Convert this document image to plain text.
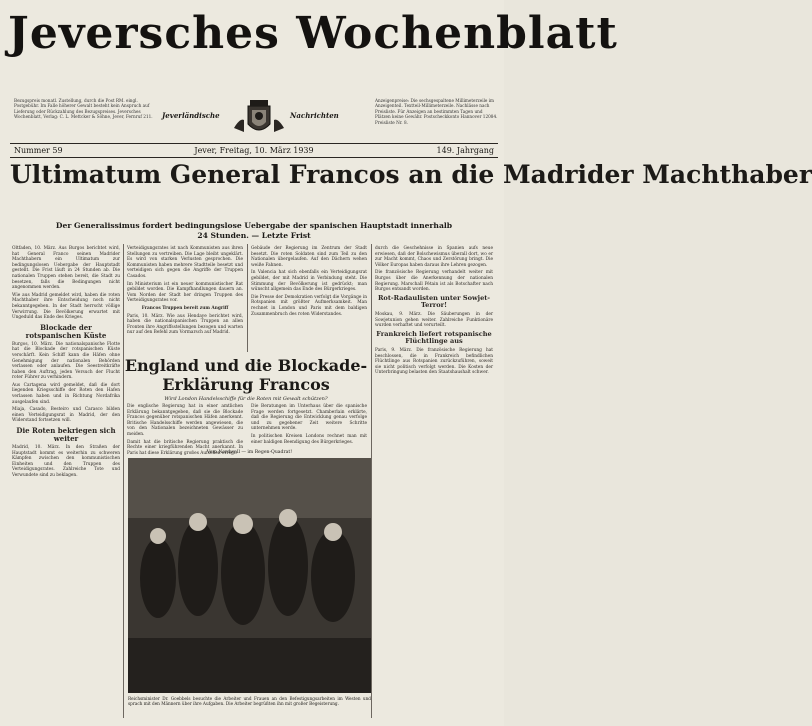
Jeversches Wochenblatt
Bezugspreis monatl. Zustellung, durch die Post RM. eingl. Postgebühr. Im Falle höherer Gewalt besteht kein Anspruch auf Lieferung oder Rückzahlung des Bezugspreises. Jeversches Wochenblatt, Verlag: C. L. Mettcker & Söhne, Jever, Fernruf 211.	Jeverländische	Nachrichten
Anzeigenpreise: Die sechsgespaltene Millimeterzeile im Anzeigenteil. Textteil-Millimeterzeile. Nachlässe nach Preisliste. Für Anzeigen an bestimmten Tagen und Plätzen keine Gewähr. Postscheckkonto Hannover 12084. Preisliste Nr. 8.
Jever, Freitag, 10. März 1939
Nummer 59	149. Jahrgang
Ultimatum General Francos an die Madrider Machthaber
Der Generalissimus fordert bedingungslose Uebergabe der spanischen Hauptstadt innerhalb
24 Stunden. — Letzte Frist

Oltfaden, 10. März. Aus Burgos berichtet wird, hat General Franco seinen Madrider Machthabern ein Ultimatum zur bedingungslosen Uebergabe der Hauptstadt gestellt. Die Frist läuft in 24 Stunden ab. Die nationalen Truppen stehen bereit, die Stadt zu besetzen, falls die Bedingungen nicht angenommen werden.

Wie aus Madrid gemeldet wird, haben die roten Machthaber ihre Entscheidung noch nicht bekanntgegeben. In der Stadt herrscht völlige Verwirrung. Die Bevölkerung erwartet mit Ungeduld das Ende des Krieges.

Blockade der rotspanischen Küste

Burgos, 10. März. Die nationalspanische Flotte hat die Blockade der rotspanischen Küste verschärft. Kein Schiff kann die Häfen ohne Genehmigung der nationalen Behörden verlassen oder anlaufen. Die Seestreitkräfte haben den Auftrag, jeden Versuch der Flucht roter Führer zu verhindern.

Aus Cartagena wird gemeldet, daß die dort liegenden Kriegsschiffe der Roten den Hafen verlassen haben und in Richtung Nordafrika ausgelaufen sind.

Miaja, Casado, Besteiro und Carasco bilden einen Verteidigungsrat in Madrid, der den Widerstand fortsetzen will.

Die Roten bekriegen sich weiter

Madrid, 10. März. In den Straßen der Hauptstadt kommt es weiterhin zu schweren Kämpfen zwischen den kommunistischen Einheiten und den Truppen des Verteidigungsrates. Zahlreiche Tote und Verwundete sind zu beklagen.

Verteidigungsrates ist nach Kommunisten aus ihren Stellungen zu vertreiben. Die Lage bleibt ungeklärt. Es wird von starken Verlusten gesprochen. Die Kommunisten haben mehrere Stadtteile besetzt und verteidigen sich gegen die Angriffe der Truppen Casados.

Im Ministerium ist ein neuer kommunistischer Rat gebildet worden. Die Kampfhandlungen dauern an. Vom Norden der Stadt her dringen Truppen des Verteidigungsrates vor.

Francos Truppen bereit zum Angriff

Paris, 10. März. Wie aus Hendaye berichtet wird, haben die nationalspanischen Truppen an allen Fronten ihre Angriffsstellungen bezogen und warten nur auf den Befehl zum Vormarsch auf Madrid.

Gebäude der Regierung im Zentrum der Stadt besetzt. Die roten Soldaten sind zum Teil zu den Nationalen übergelaufen. Auf den Dächern wehen weiße Fahnen.

In Valencia hat sich ebenfalls ein Verteidigungsrat gebildet, der mit Madrid in Verbindung steht. Die Stimmung der Bevölkerung ist gedrückt; man wünscht allgemein das Ende des Bürgerkrieges.

Die Presse der Demokratien verfolgt die Vorgänge in Rotspanien mit größter Aufmerksamkeit. Man rechnet in London und Paris mit dem baldigen Zusammenbruch des roten Widerstandes.

durch die Geschehnisse in Spanien aufs neue erwiesen, daß der Bolschewismus überall dort, wo er zur Macht kommt, Chaos und Zerstörung bringt. Die Völker Europas haben daraus ihre Lehren gezogen.

Die französische Regierung verhandelt weiter mit Burgos über die Anerkennung der nationalen Regierung. Marschall Pétain ist als Botschafter nach Burgos entsandt worden.

Rot-Radaulisten unter Sowjet-Terror!

Moskau, 9. März. Die Säuberungen in der Sowjetunion gehen weiter. Zahlreiche Funktionäre wurden verhaftet und verurteilt.

Frankreich liefert rotspanische Flüchtlinge aus

Paris, 9. März. Die französische Regierung hat beschlossen, die in Frankreich befindlichen Flüchtlinge aus Rotspanien zurückzuführen, soweit sie nicht politisch verfolgt werden. Die Kosten der Unterbringung belasten den Staatshaushalt schwer.

England und die Blockade-Erklärung Francos
Wird London Handelsschiffe für die Roten mit Gewalt schützen?

Die englische Regierung hat in einer amtlichen Erklärung bekanntgegeben, daß sie die Blockade Francos gegenüber rotspanischen Häfen anerkennt. Britische Handelsschiffe werden angewiesen, die von den Nationalen bezeichneten Gewässer zu meiden.

Damit hat die britische Regierung praktisch die Rechte einer kriegführenden Macht anerkannt. In Paris hat diese Erklärung großes Aufsehen erregt.

Die Beratungen im Unterhaus über die spanische Frage werden fortgesetzt. Chamberlain erklärte, daß die Regierung die Entwicklung genau verfolge und zu gegebener Zeit weitere Schritte unternehmen werde.

In politischen Kreisen Londons rechnet man mit einer baldigen Beendigung des Bürgerkrieges.

Vom Nordwall — im Regen-Quadrat!
Reichsminister Dr. Goebbels besuchte die Arbeiter und Frauen an den Befestigungsarbeiten im Westen und sprach mit den Männern über ihre Aufgaben. Die Arbeiter begrüßten ihn mit großer Begeisterung.
